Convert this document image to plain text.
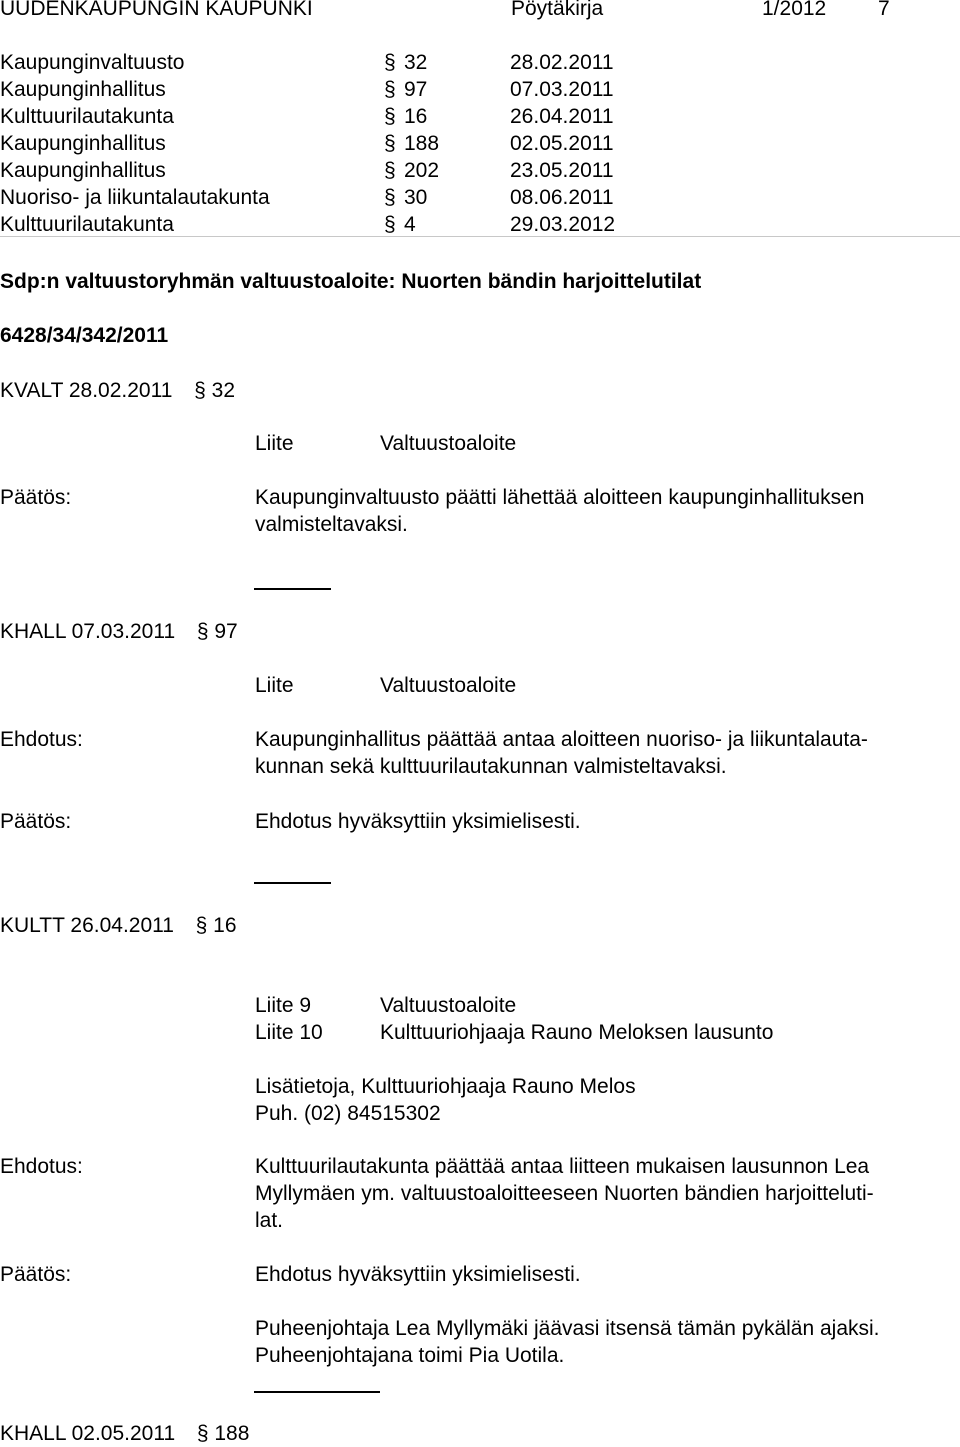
UUDENKAUPUNGIN KAUPUNKI	Pöytäkirja	1/2012 7
Kaupunginvaltuusto	§ 32	28.02.2011
Kaupunginhallitus	§ 97	07.03.2011
Kulttuurilautakunta	§ 16	26.04.2011
Kaupunginhallitus	§ 188	02.05.2011
Kaupunginhallitus	§ 202	23.05.2011
Nuoriso- ja liikuntalautakunta	§ 30	08.06.2011
Kulttuurilautakunta	§ 4	29.03.2012
Sdp:n valtuustoryhmän valtuustoaloite: Nuorten bändin harjoittelutilat
6428/34/342/2011
KVALT 28.02.2011 § 32
Liite	Valtuustoaloite
Päätös:	Kaupunginvaltuusto päätti lähettää aloitteen kaupunginhallituksen
valmisteltavaksi.
KHALL 07.03.2011 § 97
Liite	Valtuustoaloite
Ehdotus:	Kaupunginhallitus päättää antaa aloitteen nuoriso- ja liikuntalauta-
kunnan sekä kulttuurilautakunnan valmisteltavaksi.
Päätös:	Ehdotus hyväksyttiin yksimielisesti.
KULTT 26.04.2011 § 16
Liite 9	Valtuustoaloite
Liite 10	Kulttuuriohjaaja Rauno Meloksen lausunto
Lisätietoja, Kulttuuriohjaaja Rauno Melos
Puh. (02) 84515302
Ehdotus:	Kulttuurilautakunta päättää antaa liitteen mukaisen lausunnon Lea
Myllymäen ym. valtuustoaloitteeseen Nuorten bändien harjoitteluti-
lat.
Päätös:	Ehdotus hyväksyttiin yksimielisesti.
Puheenjohtaja Lea Myllymäki jäävasi itsensä tämän pykälän ajaksi.
Puheenjohtajana toimi Pia Uotila.
KHALL 02.05.2011 § 188
